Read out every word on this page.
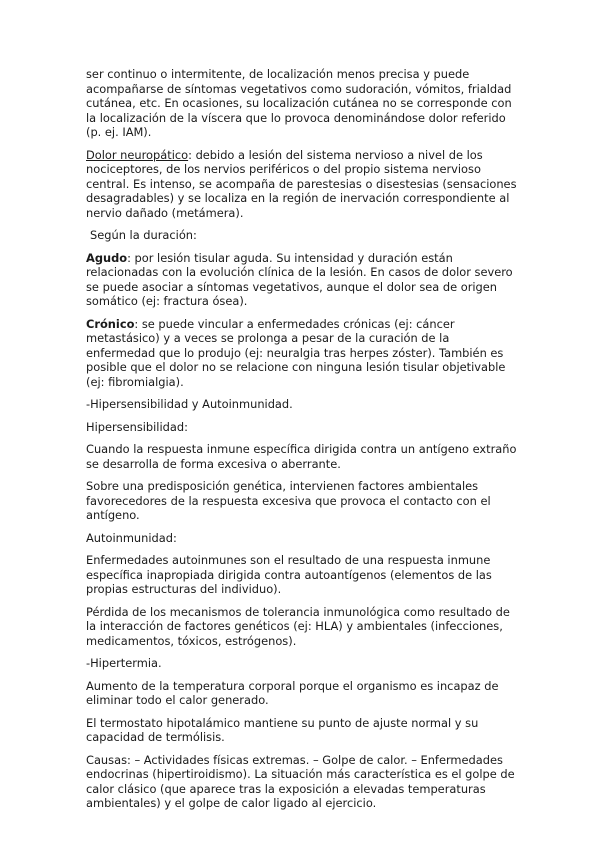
ser continuo o intermitente, de localización menos precisa y puede acompañarse de síntomas vegetativos como sudoración, vómitos, frialdad cutánea, etc. En ocasiones, su localización cutánea no se corresponde con la localización de la víscera que lo provoca denominándose dolor referido (p. ej. IAM).

Dolor neuropático: debido a lesión del sistema nervioso a nivel de los nociceptores, de los nervios periféricos o del propio sistema nervioso central. Es intenso, se acompaña de parestesias o disestesias (sensaciones desagradables) y se localiza en la región de inervación correspondiente al nervio dañado (metámera).

Según la duración:

Agudo: por lesión tisular aguda. Su intensidad y duración están relacionadas con la evolución clínica de la lesión. En casos de dolor severo se puede asociar a síntomas vegetativos, aunque el dolor sea de origen somático (ej: fractura ósea).

Crónico: se puede vincular a enfermedades crónicas (ej: cáncer metastásico) y a veces se prolonga a pesar de la curación de la enfermedad que lo produjo (ej: neuralgia tras herpes zóster). También es posible que el dolor no se relacione con ninguna lesión tisular objetivable (ej: fibromialgia).

-Hipersensibilidad y Autoinmunidad.

Hipersensibilidad:

Cuando la respuesta inmune específica dirigida contra un antígeno extraño se desarrolla de forma excesiva o aberrante.

Sobre una predisposición genética, intervienen factores ambientales favorecedores de la respuesta excesiva que provoca el contacto con el antígeno.

Autoinmunidad:

Enfermedades autoinmunes son el resultado de una respuesta inmune específica inapropiada dirigida contra autoantígenos (elementos de las propias estructuras del individuo).

Pérdida de los mecanismos de tolerancia inmunológica como resultado de la interacción de factores genéticos (ej: HLA) y ambientales (infecciones, medicamentos, tóxicos, estrógenos).

-Hipertermia.

Aumento de la temperatura corporal porque el organismo es incapaz de eliminar todo el calor generado.

El termostato hipotalámico mantiene su punto de ajuste normal y su capacidad de termólisis.

Causas: – Actividades físicas extremas. – Golpe de calor. – Enfermedades endocrinas (hipertiroidismo). La situación más característica es el golpe de calor clásico (que aparece tras la exposición a elevadas temperaturas ambientales) y el golpe de calor ligado al ejercicio.
